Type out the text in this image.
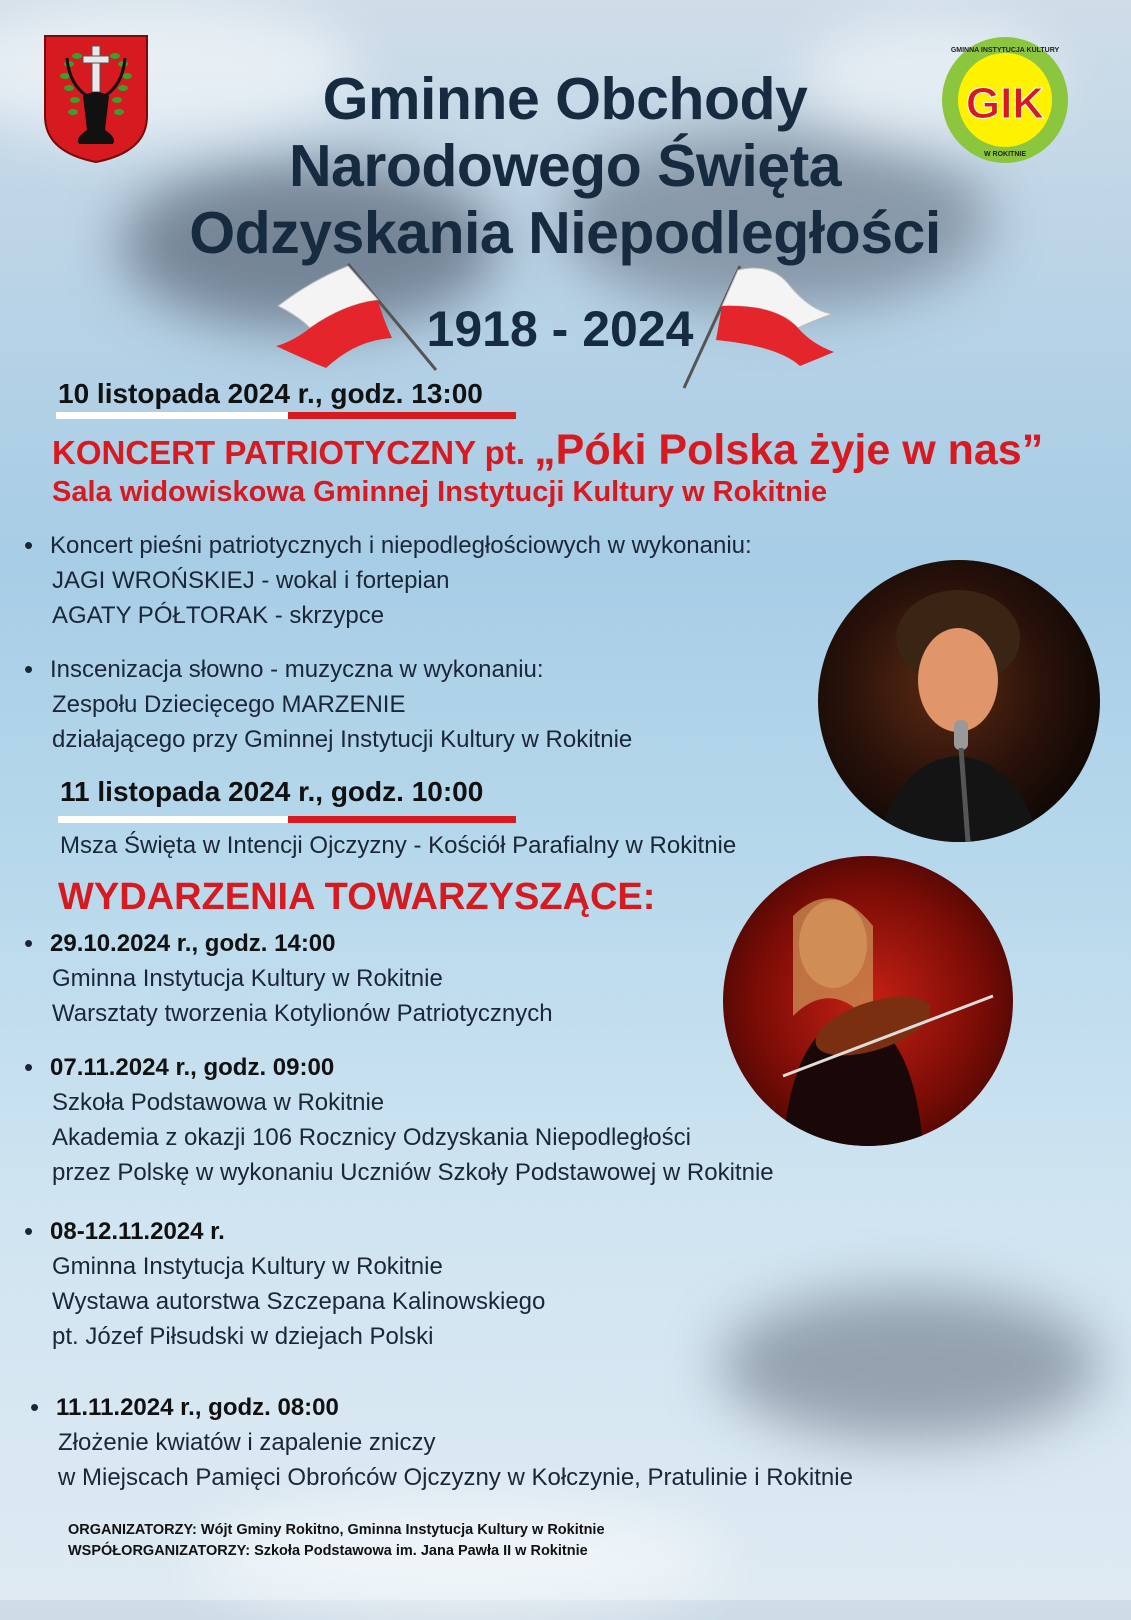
GIK
GMINNA INSTYTUCJA KULTURY
W ROKITNIE
Gminne Obchody
Narodowego Święta
Odzyskania Niepodległości
1918 - 2024
10 listopada 2024 r., godz. 13:00
KONCERT PATRIOTYCZNY pt. „Póki Polska żyje w nas”
Sala widowiskowa Gminnej Instytucji Kultury w Rokitnie
• Koncert pieśni patriotycznych i niepodległościowych w wykonaniu:
JAGI WROŃSKIEJ - wokal i fortepian
AGATY PÓŁTORAK - skrzypce
• Inscenizacja słowno - muzyczna w wykonaniu:
Zespołu Dziecięcego MARZENIE
działającego przy Gminnej Instytucji Kultury w Rokitnie
11 listopada 2024 r., godz. 10:00
Msza Święta w Intencji Ojczyzny - Kościół Parafialny w Rokitnie
WYDARZENIA TOWARZYSZĄCE:
• 29.10.2024 r., godz. 14:00
Gminna Instytucja Kultury w Rokitnie
Warsztaty tworzenia Kotylionów Patriotycznych
• 07.11.2024 r., godz. 09:00
Szkoła Podstawowa w Rokitnie
Akademia z okazji 106 Rocznicy Odzyskania Niepodległości
przez Polskę w wykonaniu Uczniów Szkoły Podstawowej w Rokitnie
• 08-12.11.2024 r.
Gminna Instytucja Kultury w Rokitnie
Wystawa autorstwa Szczepana Kalinowskiego
pt. Józef Piłsudski w dziejach Polski
• 11.11.2024 r., godz. 08:00
Złożenie kwiatów i zapalenie zniczy
w Miejscach Pamięci Obrońców Ojczyzny w Kołczynie, Pratulinie i Rokitnie
ORGANIZATORZY: Wójt Gminy Rokitno, Gminna Instytucja Kultury w Rokitnie
WSPÓŁORGANIZATORZY: Szkoła Podstawowa im. Jana Pawła II w Rokitnie
